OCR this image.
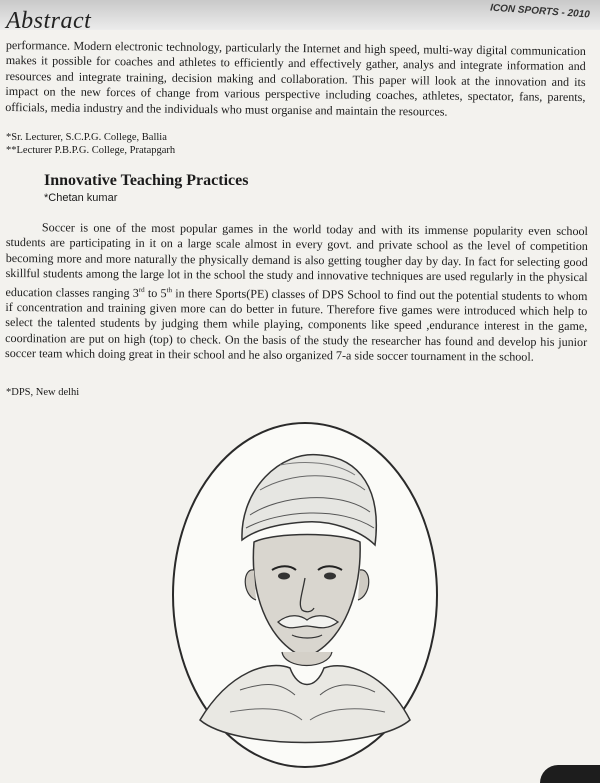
Abstract	ICON SPORTS - 2010

performance. Modern electronic technology, particularly the Internet and high speed, multi-way digital communication makes it possible for coaches and athletes to efficiently and effectively gather, analys and integrate information and resources and integrate training, decision making and collaboration. This paper will look at the innovation and its impact on the new forces of change from various perspective including coaches, athletes, spectator, fans, parents, officials, media industry and the individuals who must organise and maintain the resources.

*Sr. Lecturer, S.C.P.G. College, Ballia
**Lecturer P.B.P.G. College, Pratapgarh
Innovative Teaching Practices
*Chetan kumar

Soccer is one of the most popular games in the world today and with its immense popularity even school students are participating in it on a large scale almost in every govt. and private school as the level of competition becoming more and more naturally the physically demand is also getting tougher day by day. In fact for selecting good skillful students among the large lot in the school the study and innovative techniques are used regularly in the physical education classes ranging 3rd to 5th in there Sports(PE) classes of DPS School to find out the potential students to whom if concentration and training given more can do better in future. Therefore five games were introduced which help to select the talented students by judging them while playing, components like speed ,endurance interest in the game, coordination are put on high (top) to check. On the basis of the study the researcher has found and develop his junior soccer team which doing great in their school and he also organized 7-a side soccer tournament in the school.

*DPS, New delhi
